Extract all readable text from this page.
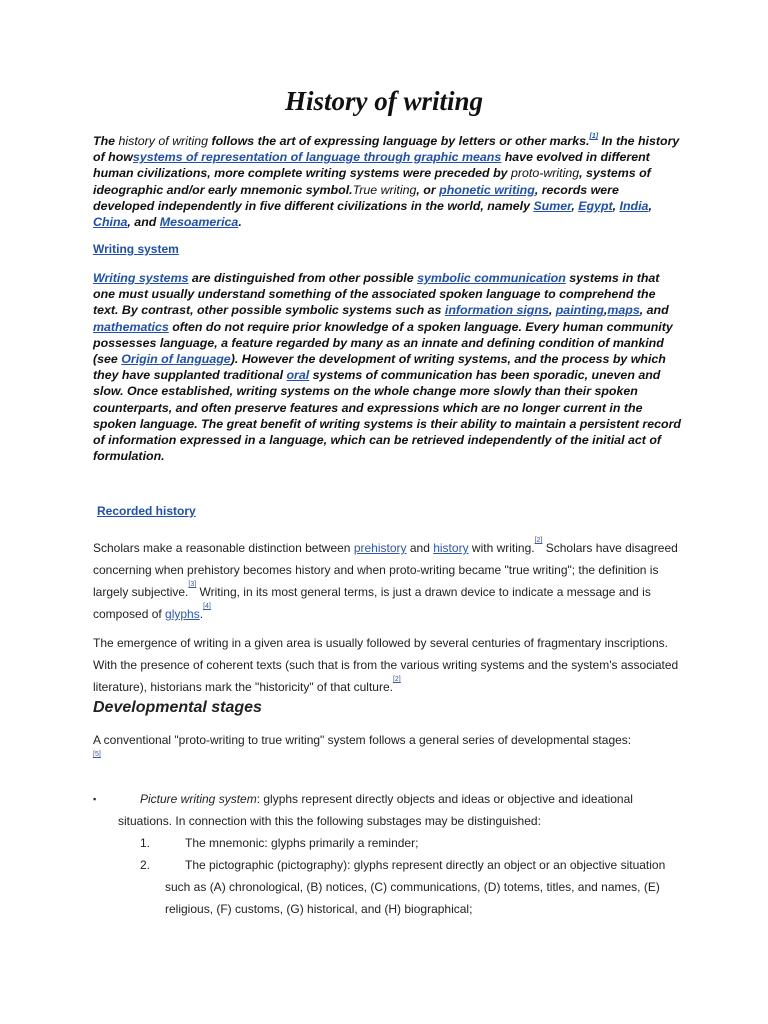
History of writing

The history of writing follows the art of expressing language by letters or other marks.[1] In the history of howsystems of representation of language through graphic means have evolved in different human civilizations, more complete writing systems were preceded by proto-writing, systems of ideographic and/or early mnemonic symbol.True writing, or phonetic writing, records were developed independently in five different civilizations in the world, namely Sumer, Egypt, India, China, and Mesoamerica.

Writing system

Writing systems are distinguished from other possible symbolic communication systems in that one must usually understand something of the associated spoken language to comprehend the text. By contrast, other possible symbolic systems such as information signs, painting,maps, and mathematics often do not require prior knowledge of a spoken language. Every human community possesses language, a feature regarded by many as an innate and defining condition of mankind (see Origin of language). However the development of writing systems, and the process by which they have supplanted traditional oral systems of communication has been sporadic, uneven and slow. Once established, writing systems on the whole change more slowly than their spoken counterparts, and often preserve features and expressions which are no longer current in the spoken language. The great benefit of writing systems is their ability to maintain a persistent record of information expressed in a language, which can be retrieved independently of the initial act of formulation.

Recorded history

Scholars make a reasonable distinction between prehistory and history with writing.[2] Scholars have disagreed concerning when prehistory becomes history and when proto-writing became "true writing"; the definition is largely subjective.[3] Writing, in its most general terms, is just a drawn device to indicate a message and is composed of glyphs.[4]

The emergence of writing in a given area is usually followed by several centuries of fragmentary inscriptions. With the presence of coherent texts (such that is from the various writing systems and the system's associated literature), historians mark the "historicity" of that culture.[2]

Developmental stages

A conventional "proto-writing to true writing" system follows a general series of developmental stages:
[5]

▪	Picture writing system: glyphs represent directly objects and ideas or objective and ideational situations. In connection with this the following substages may be distinguished:
1.	The mnemonic: glyphs primarily a reminder;
2.	The pictographic (pictography): glyphs represent directly an object or an objective situation such as (A) chronological, (B) notices, (C) communications, (D) totems, titles, and names, (E) religious, (F) customs, (G) historical, and (H) biographical;
